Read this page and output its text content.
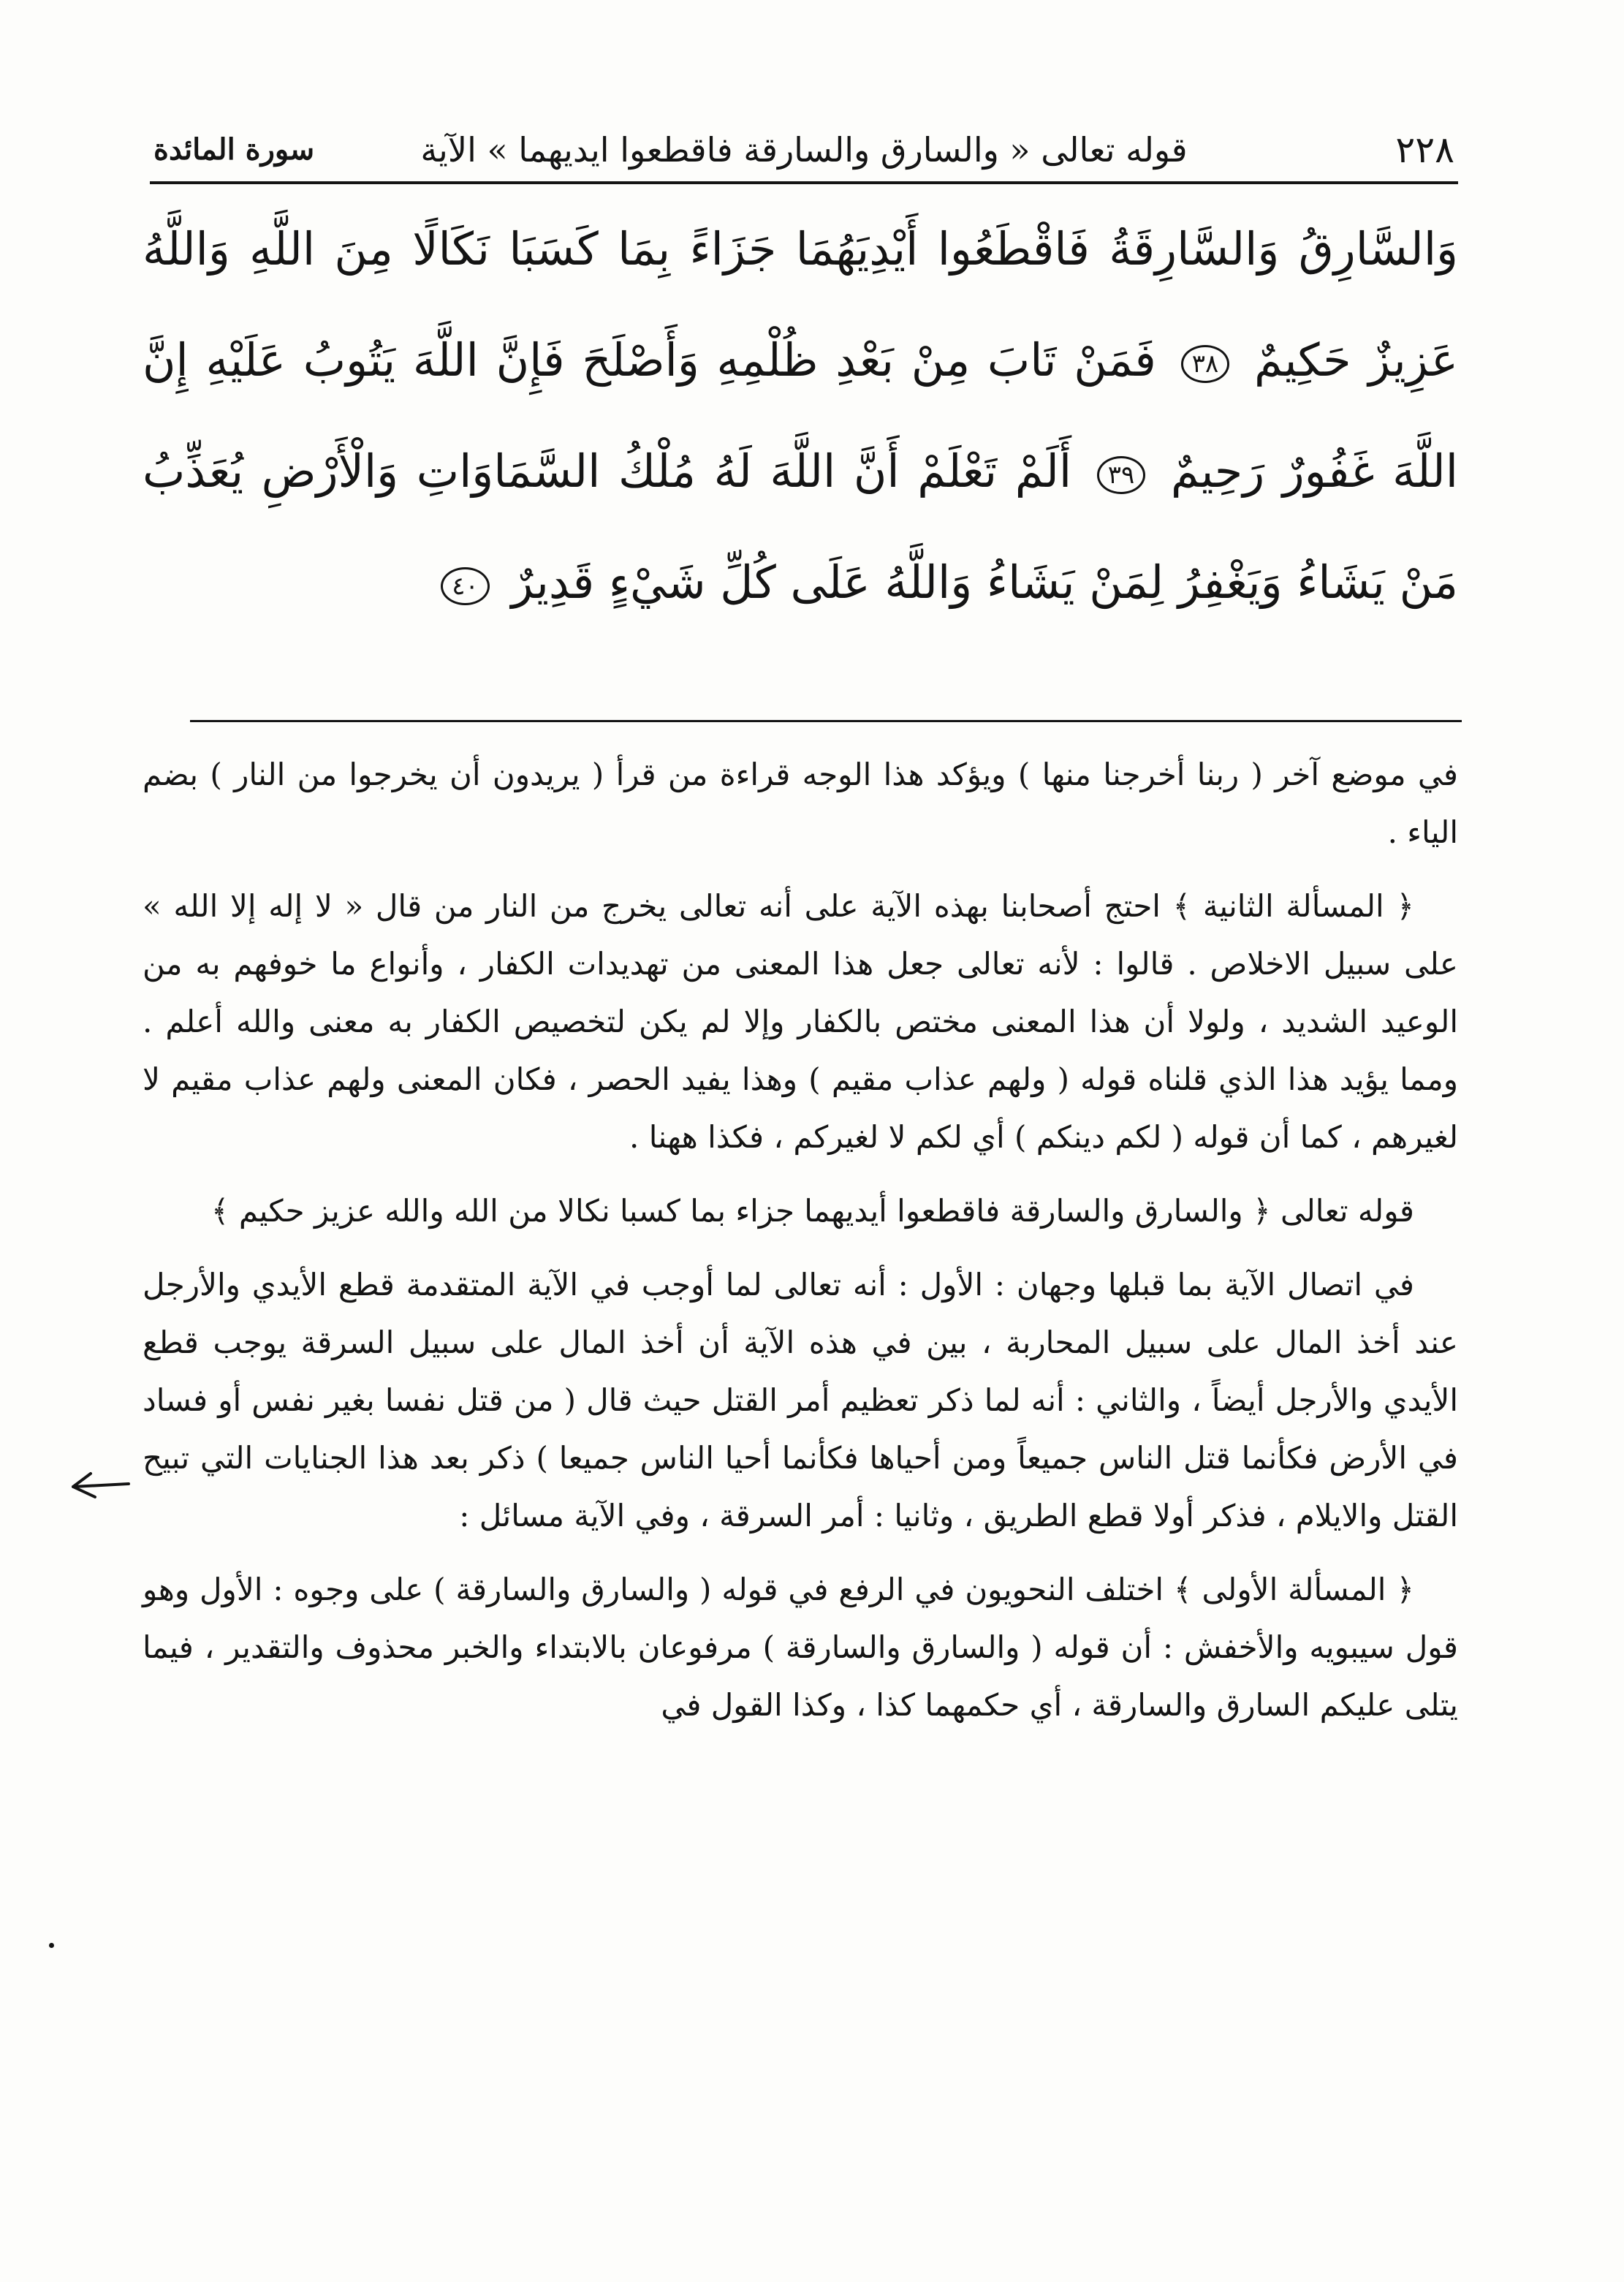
٢٢٨
قوله تعالى « والسارق والسارقة فاقطعوا ايديهما » الآية
سورة المائدة
وَالسَّارِقُ وَالسَّارِقَةُ فَاقْطَعُوا أَيْدِيَهُمَا جَزَاءً بِمَا كَسَبَا نَكَالًا مِنَ اللَّهِ وَاللَّهُ عَزِيزٌ حَكِيمٌ ٣٨ فَمَنْ تَابَ مِنْ بَعْدِ ظُلْمِهِ وَأَصْلَحَ فَإِنَّ اللَّهَ يَتُوبُ عَلَيْهِ إِنَّ اللَّهَ غَفُورٌ رَحِيمٌ ٣٩ أَلَمْ تَعْلَمْ أَنَّ اللَّهَ لَهُ مُلْكُ السَّمَاوَاتِ وَالْأَرْضِ يُعَذِّبُ مَنْ يَشَاءُ وَيَغْفِرُ لِمَنْ يَشَاءُ وَاللَّهُ عَلَى كُلِّ شَيْءٍ قَدِيرٌ ٤٠

في موضع آخر ( ربنا أخرجنا منها ) ويؤكد هذا الوجه قراءة من قرأ ( يريدون أن يخرجوا من النار ) بضم الياء .

﴿ المسألة الثانية ﴾ احتج أصحابنا بهذه الآية على أنه تعالى يخرج من النار من قال « لا إله إلا الله » على سبيل الاخلاص . قالوا : لأنه تعالى جعل هذا المعنى من تهديدات الكفار ، وأنواع ما خوفهم به من الوعيد الشديد ، ولولا أن هذا المعنى مختص بالكفار وإلا لم يكن لتخصيص الكفار به معنى والله أعلم . ومما يؤيد هذا الذي قلناه قوله ( ولهم عذاب مقيم ) وهذا يفيد الحصر ، فكان المعنى ولهم عذاب مقيم لا لغيرهم ، كما أن قوله ( لكم دينكم ) أي لكم لا لغيركم ، فكذا ههنا .

قوله تعالى ﴿ والسارق والسارقة فاقطعوا أيديهما جزاء بما كسبا نكالا من الله والله عزيز حكيم ﴾

في اتصال الآية بما قبلها وجهان : الأول : أنه تعالى لما أوجب في الآية المتقدمة قطع الأيدي والأرجل عند أخذ المال على سبيل المحاربة ، بين في هذه الآية أن أخذ المال على سبيل السرقة يوجب قطع الأيدي والأرجل أيضاً ، والثاني : أنه لما ذكر تعظيم أمر القتل حيث قال ( من قتل نفسا بغير نفس أو فساد في الأرض فكأنما قتل الناس جميعاً ومن أحياها فكأنما أحيا الناس جميعا ) ذكر بعد هذا الجنايات التي تبيح القتل والايلام ، فذكر أولا قطع الطريق ، وثانيا : أمر السرقة ، وفي الآية مسائل :

﴿ المسألة الأولى ﴾ اختلف النحويون في الرفع في قوله ( والسارق والسارقة ) على وجوه : الأول وهو قول سيبويه والأخفش : أن قوله ( والسارق والسارقة ) مرفوعان بالابتداء والخبر محذوف والتقدير ، فيما يتلى عليكم السارق والسارقة ، أي حكمهما كذا ، وكذا القول في
